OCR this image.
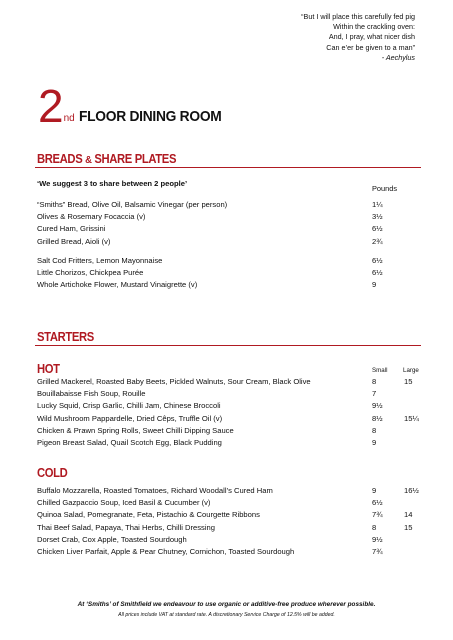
“But I will place this carefully fed pig
Within the crackling oven:
And, I pray, what nicer dish
Can e’er be given to a man”
- Aechylus
2 nd FLOOR DINING ROOM
BREADS & SHARE PLATES
‘We suggest 3 to share between 2 people’
Pounds
“Smiths” Bread, Olive Oil, Balsamic Vinegar (per person)	1¼
Olives & Rosemary Focaccia (v)	3½
Cured Ham, Grissini	6½
Grilled Bread, Aioli (v)	2¾
Salt Cod Fritters, Lemon Mayonnaise	6½
Little Chorizos, Chickpea Purée	6½
Whole Artichoke Flower, Mustard Vinaigrette (v)	9
STARTERS
HOT	Small	Large
Grilled Mackerel, Roasted Baby Beets, Pickled Walnuts, Sour Cream, Black Olive	8	15
Bouillabaisse Fish Soup, Rouille	7
Lucky Squid, Crisp Garlic, Chilli Jam, Chinese Broccoli	9½
Wild Mushroom Pappardelle, Dried Cêps, Truffle Oil (v)	8½	15¼
Chicken & Prawn Spring Rolls, Sweet Chilli Dipping Sauce	8
Pigeon Breast Salad, Quail Scotch Egg, Black Pudding	9
COLD
Buffalo Mozzarella, Roasted Tomatoes, Richard Woodall’s Cured Ham	9	16½
Chilled Gazpaccio Soup, Iced Basil & Cucumber (v)	6½
Quinoa Salad, Pomegranate, Feta, Pistachio & Courgette Ribbons	7¾	14
Thai Beef Salad, Papaya, Thai Herbs, Chilli Dressing	8	15
Dorset Crab, Cox Apple, Toasted Sourdough	9½
Chicken Liver Parfait, Apple & Pear Chutney, Cornichon, Toasted Sourdough	7¾
At ‘Smiths’ of Smithfield we endeavour to use organic or additive-free produce wherever possible.
All prices include VAT at standard rate. A discretionary Service Charge of 12.5% will be added.
